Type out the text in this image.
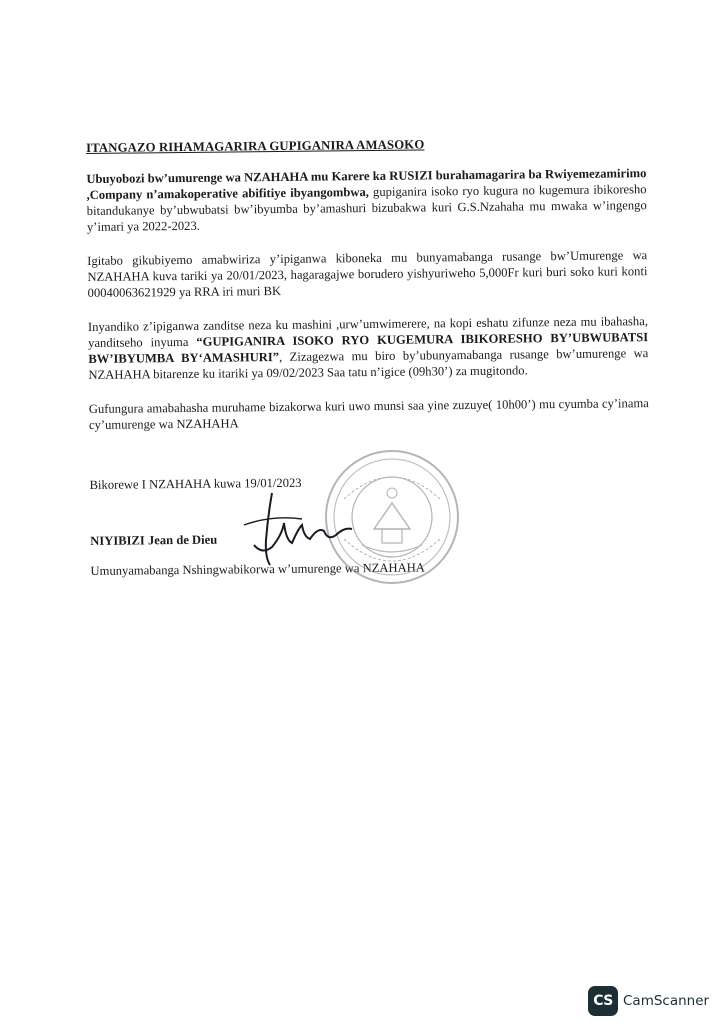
ITANGAZO RIHAMAGARIRA GUPIGANIRA AMASOKO

Ubuyobozi bw’umurenge wa NZAHAHA mu Karere ka RUSIZI burahamagarira ba Rwiyemezamirimo ,Company n’amakoperative abifitiye ibyangombwa, gupiganira isoko ryo kugura no kugemura ibikoresho bitandukanye by’ubwubatsi bw’ibyumba by’amashuri bizubakwa kuri G.S.Nzahaha mu mwaka w’ingengo y’imari ya 2022-2023.

Igitabo gikubiyemo amabwiriza y’ipiganwa kiboneka mu bunyamabanga rusange bw’Umurenge wa NZAHAHA kuva tariki ya 20/01/2023, hagaragajwe borudero yishyuriweho 5,000Fr kuri buri soko kuri konti 00040063621929 ya RRA iri muri BK

Inyandiko z’ipiganwa zanditse neza ku mashini ,urw’umwimerere, na kopi eshatu zifunze neza mu ibahasha, yanditseho inyuma “GUPIGANIRA ISOKO RYO KUGEMURA IBIKORESHO BY’UBWUBATSI BW’IBYUMBA BY‘AMASHURI”, Zizagezwa mu biro by’ubunyamabanga rusange bw’umurenge wa NZAHAHA bitarenze ku itariki ya 09/02/2023 Saa tatu n’igice (09h30’) za mugitondo.

Gufungura amabahasha muruhame bizakorwa kuri uwo munsi saa yine zuzuye( 10h00’) mu cyumba cy’inama cy’umurenge wa NZAHAHA

Bikorewe I NZAHAHA kuwa 19/01/2023
NIYIBIZI Jean de Dieu
Umunyamabanga Nshingwabikorwa w’umurenge wa NZAHAHA
CS CamScanner
